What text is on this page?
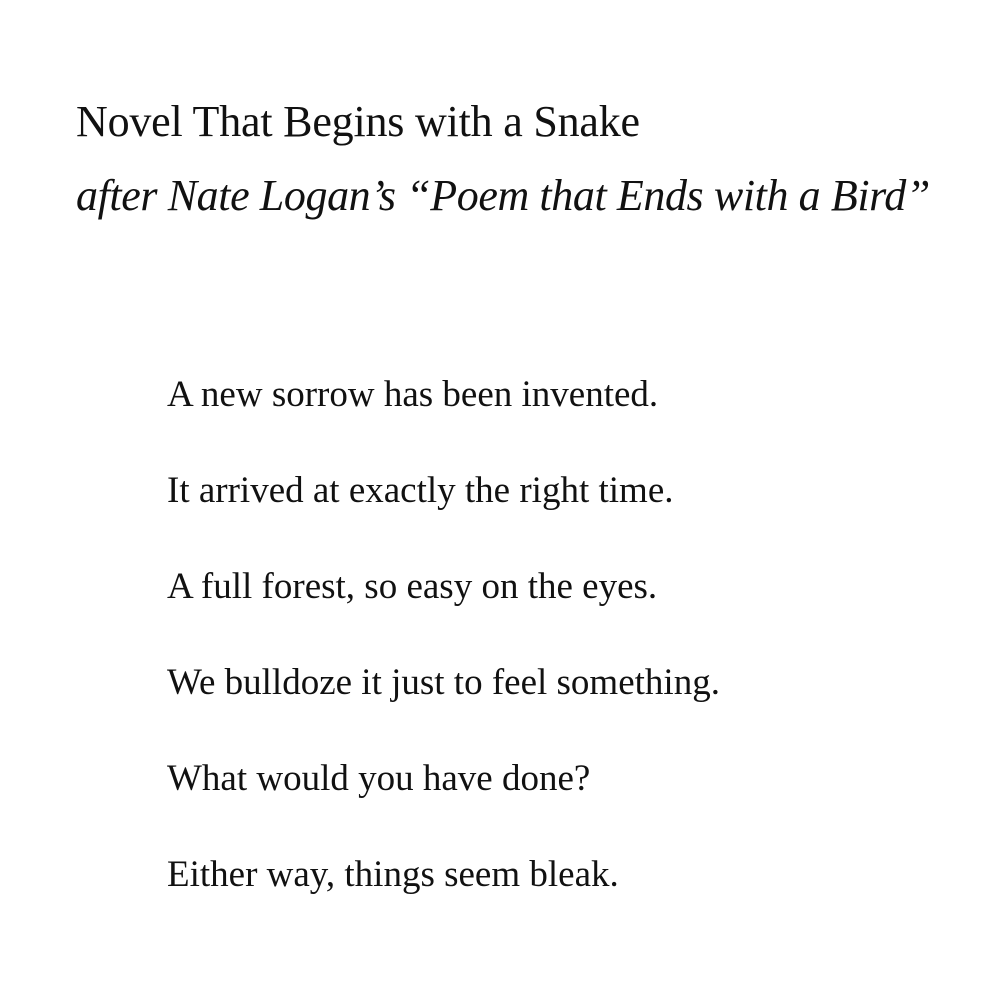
Novel That Begins with a Snake
after Nate Logan’s “Poem that Ends with a Bird”
A new sorrow has been invented.
It arrived at exactly the right time.
A full forest, so easy on the eyes.
We bulldoze it just to feel something.
What would you have done?
Either way, things seem bleak.
